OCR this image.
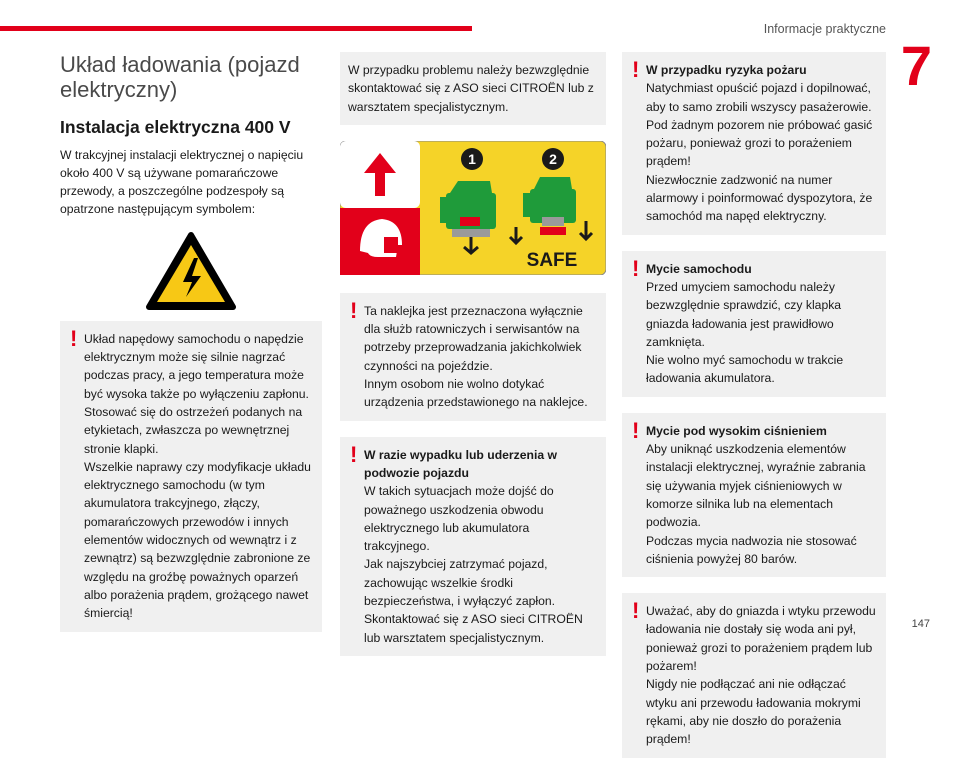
Informacje praktyczne
7
Układ ładowania (pojazd elektryczny)
Instalacja elektryczna 400 V

W trakcyjnej instalacji elektrycznej o napięciu około 400 V są używane pomarańczowe przewody, a poszczególne podzespoły są opatrzone następującym symbolem:

! Układ napędowy samochodu o napędzie elektrycznym może się silnie nagrzać podczas pracy, a jego temperatura może być wysoka także po wyłączeniu zapłonu.

Stosować się do ostrzeżeń podanych na etykietach, zwłaszcza po wewnętrznej stronie klapki.

Wszelkie naprawy czy modyfikacje układu elektrycznego samochodu (w tym akumulatora trakcyjnego, złączy, pomarańczowych przewodów i innych elementów widocznych od wewnątrz i z zewnątrz) są bezwzględnie zabronione ze względu na groźbę poważnych oparzeń albo porażenia prądem, grożącego nawet śmiercią!

W przypadku problemu należy bezwzględnie skontaktować się z ASO sieci CITROËN lub z warsztatem specjalistycznym.

1	2
SAFE
! Ta naklejka jest przeznaczona wyłącznie dla służb ratowniczych i serwisantów na potrzeby przeprowadzania jakichkolwiek czynności na pojeździe.

Innym osobom nie wolno dotykać urządzenia przedstawionego na naklejce.

! W razie wypadku lub uderzenia w podwozie pojazdu

W takich sytuacjach może dojść do poważnego uszkodzenia obwodu elektrycznego lub akumulatora trakcyjnego.

Jak najszybciej zatrzymać pojazd, zachowując wszelkie środki bezpieczeństwa, i wyłączyć zapłon.

Skontaktować się z ASO sieci CITROËN lub warsztatem specjalistycznym.

! W przypadku ryzyka pożaru

Natychmiast opuścić pojazd i dopilnować, aby to samo zrobili wszyscy pasażerowie. Pod żadnym pozorem nie próbować gasić pożaru, ponieważ grozi to porażeniem prądem!

Niezwłocznie zadzwonić na numer alarmowy i poinformować dyspozytora, że samochód ma napęd elektryczny.

! Mycie samochodu

Przed umyciem samochodu należy bezwzględnie sprawdzić, czy klapka gniazda ładowania jest prawidłowo zamknięta.

Nie wolno myć samochodu w trakcie ładowania akumulatora.

! Mycie pod wysokim ciśnieniem

Aby uniknąć uszkodzenia elementów instalacji elektrycznej, wyraźnie zabrania się używania myjek ciśnieniowych w komorze silnika lub na elementach podwozia.

Podczas mycia nadwozia nie stosować ciśnienia powyżej 80 barów.

! Uważać, aby do gniazda i wtyku przewodu ładowania nie dostały się woda ani pył, ponieważ grozi to porażeniem prądem lub pożarem!

Nigdy nie podłączać ani nie odłączać wtyku ani przewodu ładowania mokrymi rękami, aby nie doszło do porażenia prądem!

147
